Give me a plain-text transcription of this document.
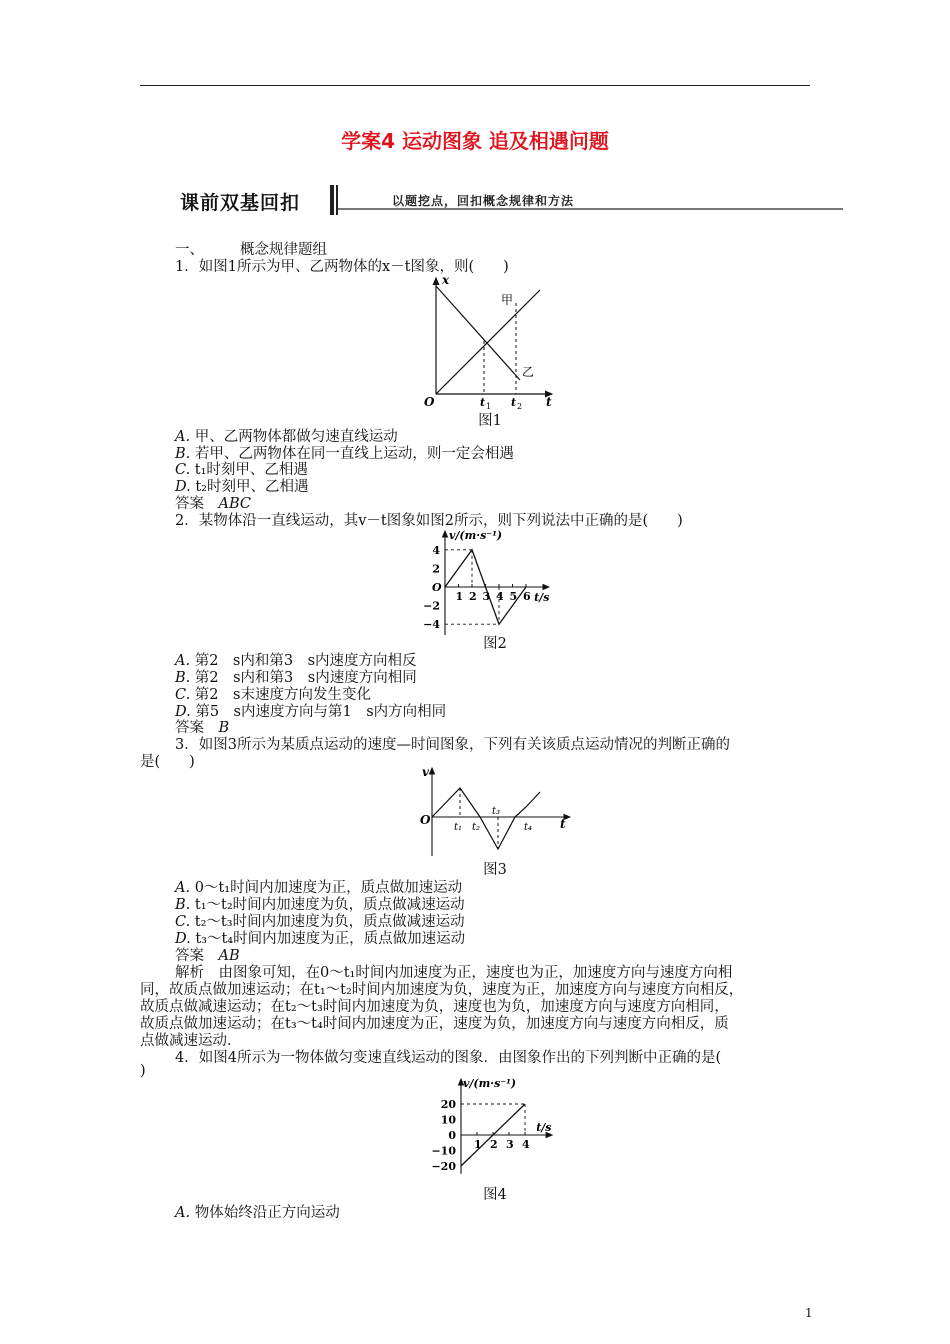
学案4 运动图象 追及相遇问题
课前双基回扣	以题挖点，回扣概念规律和方法
一、 概念规律题组
1．如图1所示为甲、乙两物体的x－t图象，则(　　)
x
t
O	t 1 t 2
甲
乙
图1
A. 甲、乙两物体都做匀速直线运动
B. 若甲、乙两物体在同一直线上运动，则一定会相遇
C. t₁时刻甲、乙相遇
D. t₂时刻甲、乙相遇
答案　 ABC
2．某物体沿一直线运动，其v－t图象如图2所示，则下列说法中正确的是(　　)
v/(m·s⁻¹)
t/s
O
4
2
−2
−4
1 2 3 4 5 6
图2
A. 第2　s内和第3　s内速度方向相反
B. 第2　s内和第3　s内速度方向相同
C. 第2　s末速度方向发生变化
D. 第5　s内速度方向与第1　s内方向相同
答案　 B
3．如图3所示为某质点运动的速度—时间图象，下列有关该质点运动情况的判断正确的
是(　　)
v
t
O
t₁ t₂
t₃
t₄
图3
A. 0～t₁时间内加速度为正，质点做加速运动
B. t₁～t₂时间内加速度为负，质点做减速运动
C. t₂～t₃时间内加速度为负，质点做减速运动
D. t₃～t₄时间内加速度为正，质点做加速运动
答案　 AB
解析　 由图象可知，在0～t₁时间内加速度为正，速度也为正，加速度方向与速度方向相
同，故质点做加速运动；在t₁～t₂时间内加速度为负，速度为正，加速度方向与速度方向相反，
故质点做减速运动；在t₂～t₃时间内加速度为负，速度也为负，加速度方向与速度方向相同，
故质点做加速运动；在t₃～t₄时间内加速度为正，速度为负，加速度方向与速度方向相反，质
点做减速运动．
4．如图4所示为一物体做匀变速直线运动的图象．由图象作出的下列判断中正确的是(
)
v/(m·s⁻¹)
t/s
0
20
10
−10
−20
1 2 3 4
图4
A. 物体始终沿正方向运动
1
